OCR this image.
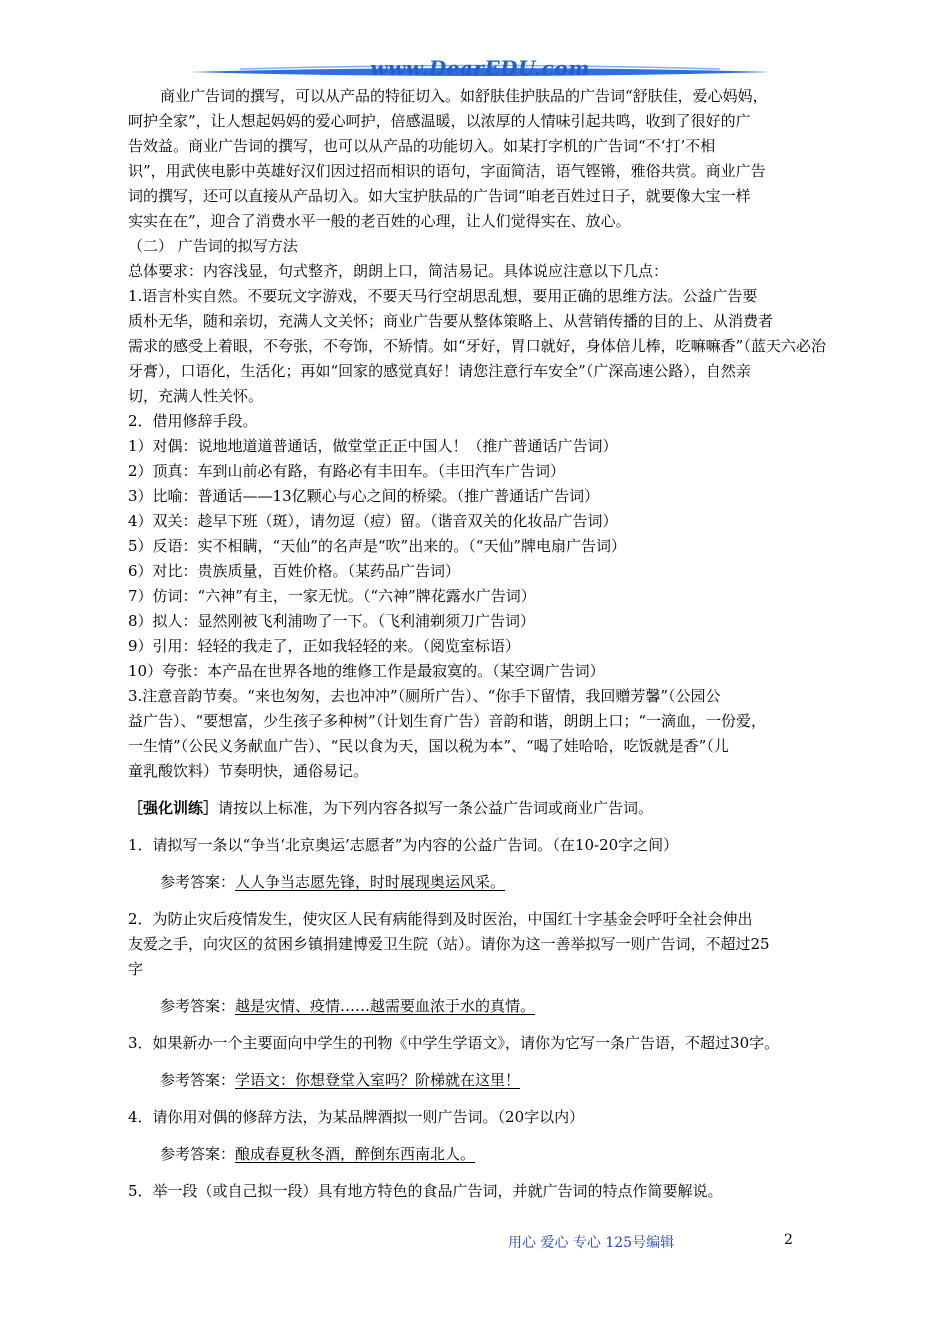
www.DearEDU.com
商业广告词的撰写，可以从产品的特征切入。如舒肤佳护肤品的广告词“舒肤佳，爱心妈妈，
呵护全家”，让人想起妈妈的爱心呵护，倍感温暖，以浓厚的人情味引起共鸣，收到了很好的广
告效益。商业广告词的撰写，也可以从产品的功能切入。如某打字机的广告词“不‘打’不相
识”，用武侠电影中英雄好汉们因过招而相识的语句，字面简洁，语气铿锵，雅俗共赏。商业广告
词的撰写，还可以直接从产品切入。如大宝护肤品的广告词“咱老百姓过日子，就要像大宝一样
实实在在”，迎合了消费水平一般的老百姓的心理，让人们觉得实在、放心。
（二） 广告词的拟写方法
总体要求：内容浅显，句式整齐，朗朗上口，简洁易记。具体说应注意以下几点：
1.语言朴实自然。不要玩文字游戏，不要天马行空胡思乱想，要用正确的思维方法。公益广告要
质朴无华，随和亲切，充满人文关怀；商业广告要从整体策略上、从营销传播的目的上、从消费者
需求的感受上着眼，不夸张，不夸饰，不矫情。如“牙好，胃口就好，身体倍儿棒，吃嘛嘛香”（蓝天六必治
牙膏），口语化，生活化；再如“回家的感觉真好！请您注意行车安全”（广深高速公路），自然亲
切，充满人性关怀。
2．借用修辞手段。
1）对偶：说地地道道普通话，做堂堂正正中国人！（推广普通话广告词）
2）顶真：车到山前必有路，有路必有丰田车。（丰田汽车广告词）
3）比喻：普通话——13亿颗心与心之间的桥梁。（推广普通话广告词）
4）双关：趁早下班（斑），请勿逗（痘）留。（谐音双关的化妆品广告词）
5）反语：实不相瞒，“天仙”的名声是“吹”出来的。（“天仙”牌电扇广告词）
6）对比：贵族质量，百姓价格。（某药品广告词）
7）仿词：“六神”有主，一家无忧。（“六神”牌花露水广告词）
8）拟人：显然刚被飞利浦吻了一下。（飞利浦剃须刀广告词）
9）引用：轻轻的我走了，正如我轻轻的来。（阅览室标语）
10）夸张：本产品在世界各地的维修工作是最寂寞的。（某空调广告词）
3.注意音韵节奏。“来也匆匆，去也冲冲”（厕所广告）、“你手下留情，我回赠芳馨”（公园公
益广告）、“要想富，少生孩子多种树”（计划生育广告）音韵和谐，朗朗上口；“一滴血，一份爱，
一生情”（公民义务献血广告）、“民以食为天，国以税为本”、“喝了娃哈哈，吃饭就是香”（儿
童乳酸饮料）节奏明快，通俗易记。
［强化训练］请按以上标准，为下列内容各拟写一条公益广告词或商业广告词。
1．请拟写一条以“争当‘北京奥运’志愿者”为内容的公益广告词。（在10-20字之间）
参考答案：人人争当志愿先锋，时时展现奥运风采。
2．为防止灾后疫情发生，使灾区人民有病能得到及时医治，中国红十字基金会呼吁全社会伸出
友爱之手，向灾区的贫困乡镇捐建博爱卫生院（站）。请你为这一善举拟写一则广告词，不超过25
字
参考答案：越是灾情、疫情……越需要血浓于水的真情。
3．如果新办一个主要面向中学生的刊物《中学生学语文》，请你为它写一条广告语，不超过30字。
参考答案：学语文：你想登堂入室吗？阶梯就在这里！
4．请你用对偶的修辞方法，为某品牌酒拟一则广告词。（20字以内）
参考答案：酿成春夏秋冬酒，醉倒东西南北人。
5．举一段（或自己拟一段）具有地方特色的食品广告词，并就广告词的特点作简要解说。
用心 爱心 专心 125号编辑	2
